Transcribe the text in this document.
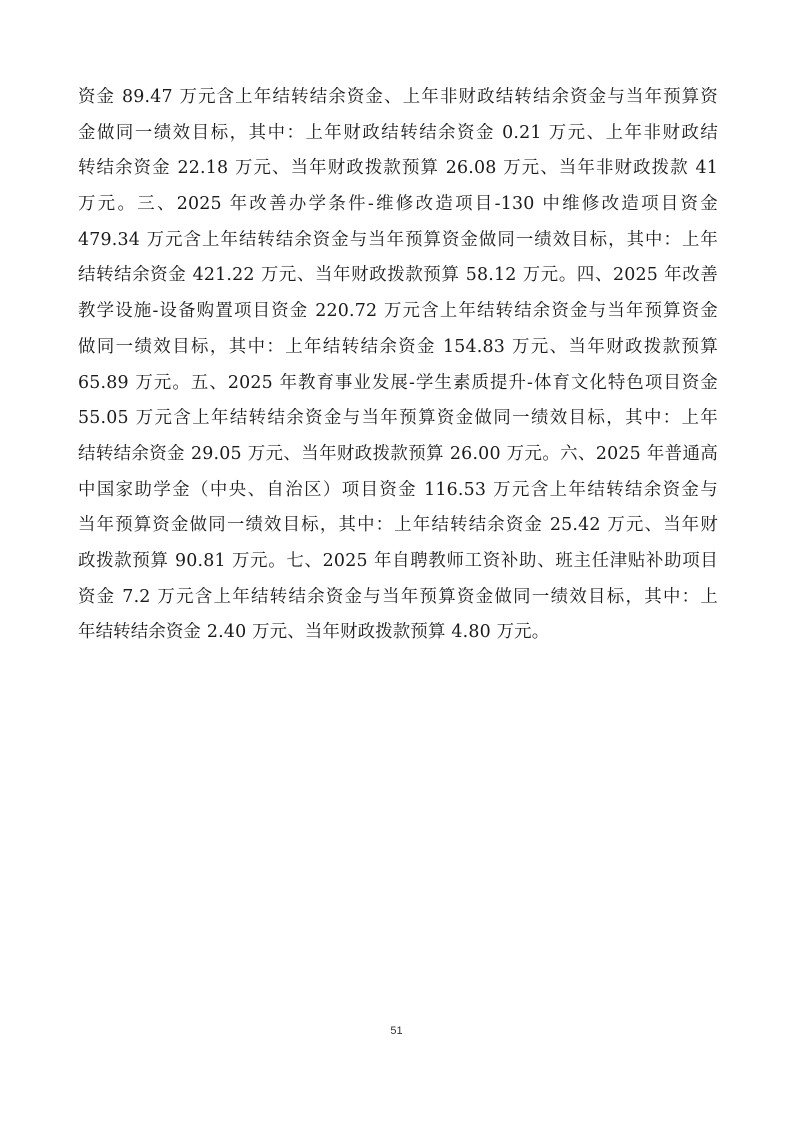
资金 89.47 万元含上年结转结余资金、上年非财政结转结余资金与当年预算资
金做同一绩效目标，其中：上年财政结转结余资金 0.21 万元、上年非财政结
转结余资金 22.18 万元、当年财政拨款预算 26.08 万元、当年非财政拨款 41
万元。三、2025 年改善办学条件-维修改造项目-130 中维修改造项目资金
479.34 万元含上年结转结余资金与当年预算资金做同一绩效目标，其中：上年
结转结余资金 421.22 万元、当年财政拨款预算 58.12 万元。四、2025 年改善
教学设施-设备购置项目资金 220.72 万元含上年结转结余资金与当年预算资金
做同一绩效目标，其中：上年结转结余资金 154.83 万元、当年财政拨款预算
65.89 万元。五、2025 年教育事业发展-学生素质提升-体育文化特色项目资金
55.05 万元含上年结转结余资金与当年预算资金做同一绩效目标，其中：上年
结转结余资金 29.05 万元、当年财政拨款预算 26.00 万元。六、2025 年普通高
中国家助学金（中央、自治区）项目资金 116.53 万元含上年结转结余资金与
当年预算资金做同一绩效目标，其中：上年结转结余资金 25.42 万元、当年财
政拨款预算 90.81 万元。七、2025 年自聘教师工资补助、班主任津贴补助项目
资金 7.2 万元含上年结转结余资金与当年预算资金做同一绩效目标，其中：上
年结转结余资金 2.40 万元、当年财政拨款预算 4.80 万元。
51
